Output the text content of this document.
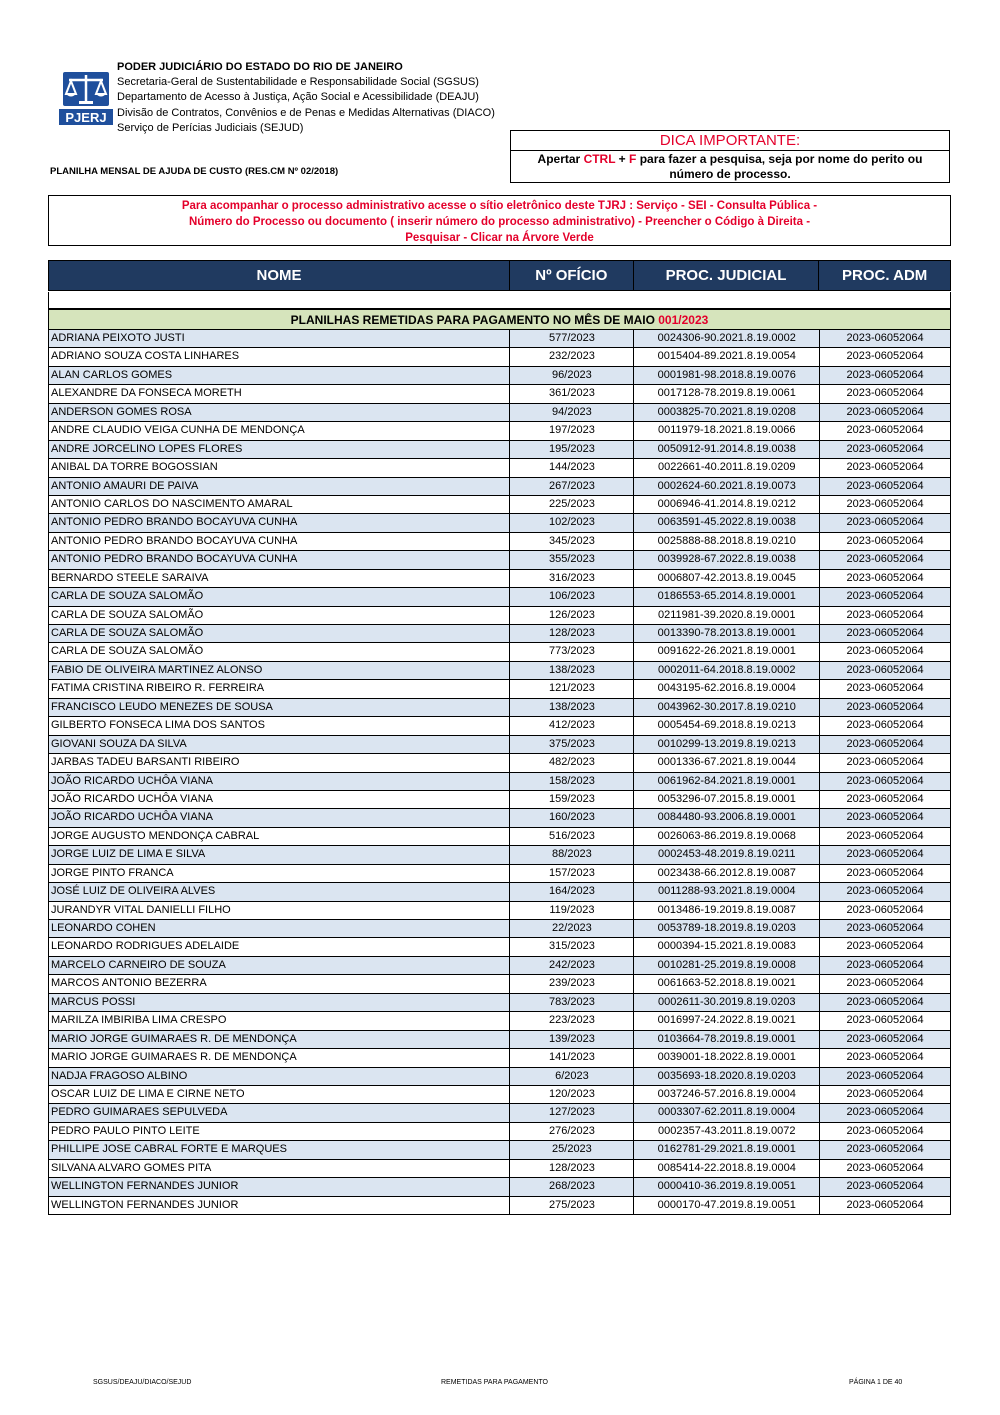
PJERJ
PODER JUDICIÁRIO DO ESTADO DO RIO DE JANEIRO
Secretaria-Geral de Sustentabilidade e Responsabilidade Social (SGSUS)
Departamento de Acesso à Justiça, Ação Social e Acessibilidade (DEAJU)
Divisão de Contratos, Convênios e de Penas e Medidas Alternativas (DIACO)
Serviço de Perícias Judiciais (SEJUD)
PLANILHA MENSAL DE AJUDA DE CUSTO (RES.CM Nº 02/2018)
DICA IMPORTANTE:
Apertar CTRL + F para fazer a pesquisa, seja por nome do perito ou
número de processo.
Para acompanhar o processo administrativo acesse o sítio eletrônico deste TJRJ : Serviço - SEI - Consulta Pública -
Número do Processo ou documento ( inserir número do processo administrativo) - Preencher o Código à Direita -
Pesquisar - Clicar na Árvore Verde
NOME	Nº OFÍCIO	PROC. JUDICIAL	PROC. ADM
PLANILHAS REMETIDAS PARA PAGAMENTO NO MÊS DE MAIO 001/2023
ADRIANA PEIXOTO JUSTI	577/2023	0024306-90.2021.8.19.0002	2023-06052064
ADRIANO SOUZA COSTA LINHARES	232/2023	0015404-89.2021.8.19.0054	2023-06052064
ALAN CARLOS GOMES	96/2023	0001981-98.2018.8.19.0076	2023-06052064
ALEXANDRE DA FONSECA MORETH	361/2023	0017128-78.2019.8.19.0061	2023-06052064
ANDERSON GOMES ROSA	94/2023	0003825-70.2021.8.19.0208	2023-06052064
ANDRE CLAUDIO VEIGA CUNHA DE MENDONÇA	197/2023	0011979-18.2021.8.19.0066	2023-06052064
ANDRE JORCELINO LOPES FLORES	195/2023	0050912-91.2014.8.19.0038	2023-06052064
ANIBAL DA TORRE BOGOSSIAN	144/2023	0022661-40.2011.8.19.0209	2023-06052064
ANTONIO AMAURI DE PAIVA	267/2023	0002624-60.2021.8.19.0073	2023-06052064
ANTONIO CARLOS DO NASCIMENTO AMARAL	225/2023	0006946-41.2014.8.19.0212	2023-06052064
ANTONIO PEDRO BRANDO BOCAYUVA CUNHA	102/2023	0063591-45.2022.8.19.0038	2023-06052064
ANTONIO PEDRO BRANDO BOCAYUVA CUNHA	345/2023	0025888-88.2018.8.19.0210	2023-06052064
ANTONIO PEDRO BRANDO BOCAYUVA CUNHA	355/2023	0039928-67.2022.8.19.0038	2023-06052064
BERNARDO STEELE SARAIVA	316/2023	0006807-42.2013.8.19.0045	2023-06052064
CARLA DE SOUZA SALOMÃO	106/2023	0186553-65.2014.8.19.0001	2023-06052064
CARLA DE SOUZA SALOMÃO	126/2023	0211981-39.2020.8.19.0001	2023-06052064
CARLA DE SOUZA SALOMÃO	128/2023	0013390-78.2013.8.19.0001	2023-06052064
CARLA DE SOUZA SALOMÃO	773/2023	0091622-26.2021.8.19.0001	2023-06052064
FABIO DE OLIVEIRA MARTINEZ ALONSO	138/2023	0002011-64.2018.8.19.0002	2023-06052064
FATIMA CRISTINA RIBEIRO R. FERREIRA	121/2023	0043195-62.2016.8.19.0004	2023-06052064
FRANCISCO LEUDO MENEZES DE SOUSA	138/2023	0043962-30.2017.8.19.0210	2023-06052064
GILBERTO FONSECA LIMA DOS SANTOS	412/2023	0005454-69.2018.8.19.0213	2023-06052064
GIOVANI SOUZA DA SILVA	375/2023	0010299-13.2019.8.19.0213	2023-06052064
JARBAS TADEU BARSANTI RIBEIRO	482/2023	0001336-67.2021.8.19.0044	2023-06052064
JOÃO RICARDO UCHÔA VIANA	158/2023	0061962-84.2021.8.19.0001	2023-06052064
JOÃO RICARDO UCHÔA VIANA	159/2023	0053296-07.2015.8.19.0001	2023-06052064
JOÃO RICARDO UCHÔA VIANA	160/2023	0084480-93.2006.8.19.0001	2023-06052064
JORGE AUGUSTO MENDONÇA CABRAL	516/2023	0026063-86.2019.8.19.0068	2023-06052064
JORGE LUIZ DE LIMA E SILVA	88/2023	0002453-48.2019.8.19.0211	2023-06052064
JORGE PINTO FRANCA	157/2023	0023438-66.2012.8.19.0087	2023-06052064
JOSÉ LUIZ DE OLIVEIRA ALVES	164/2023	0011288-93.2021.8.19.0004	2023-06052064
JURANDYR VITAL DANIELLI FILHO	119/2023	0013486-19.2019.8.19.0087	2023-06052064
LEONARDO COHEN	22/2023	0053789-18.2019.8.19.0203	2023-06052064
LEONARDO RODRIGUES ADELAIDE	315/2023	0000394-15.2021.8.19.0083	2023-06052064
MARCELO CARNEIRO DE SOUZA	242/2023	0010281-25.2019.8.19.0008	2023-06052064
MARCOS ANTONIO BEZERRA	239/2023	0061663-52.2018.8.19.0021	2023-06052064
MARCUS POSSI	783/2023	0002611-30.2019.8.19.0203	2023-06052064
MARILZA IMBIRIBA LIMA CRESPO	223/2023	0016997-24.2022.8.19.0021	2023-06052064
MARIO JORGE GUIMARAES R. DE MENDONÇA	139/2023	0103664-78.2019.8.19.0001	2023-06052064
MARIO JORGE GUIMARAES R. DE MENDONÇA	141/2023	0039001-18.2022.8.19.0001	2023-06052064
NADJA FRAGOSO ALBINO	6/2023	0035693-18.2020.8.19.0203	2023-06052064
OSCAR LUIZ DE LIMA E CIRNE NETO	120/2023	0037246-57.2016.8.19.0004	2023-06052064
PEDRO GUIMARAES SEPULVEDA	127/2023	0003307-62.2011.8.19.0004	2023-06052064
PEDRO PAULO PINTO LEITE	276/2023	0002357-43.2011.8.19.0072	2023-06052064
PHILLIPE JOSE CABRAL FORTE E MARQUES	25/2023	0162781-29.2021.8.19.0001	2023-06052064
SILVANA ALVARO GOMES PITA	128/2023	0085414-22.2018.8.19.0004	2023-06052064
WELLINGTON FERNANDES JUNIOR	268/2023	0000410-36.2019.8.19.0051	2023-06052064
WELLINGTON FERNANDES JUNIOR	275/2023	0000170-47.2019.8.19.0051	2023-06052064
SGSUS/DEAJU/DIACO/SEJUD	REMETIDAS PARA PAGAMENTO	PÁGINA 1 DE 40
